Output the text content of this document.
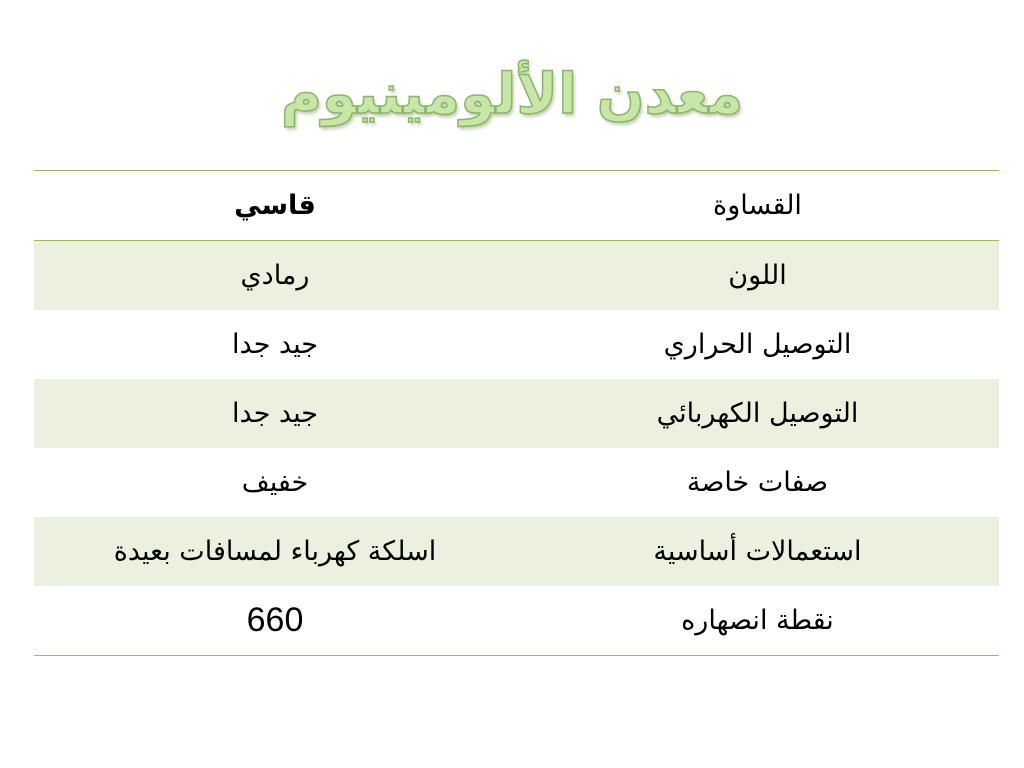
معدن الألومينيوم
قاسي	القساوة
رمادي	اللون
جيد جدا	التوصيل الحراري
جيد جدا	التوصيل الكهربائي
خفيف	صفات خاصة
اسلكة كهرباء لمسافات بعيدة	استعمالات أساسية
660	نقطة انصهاره
